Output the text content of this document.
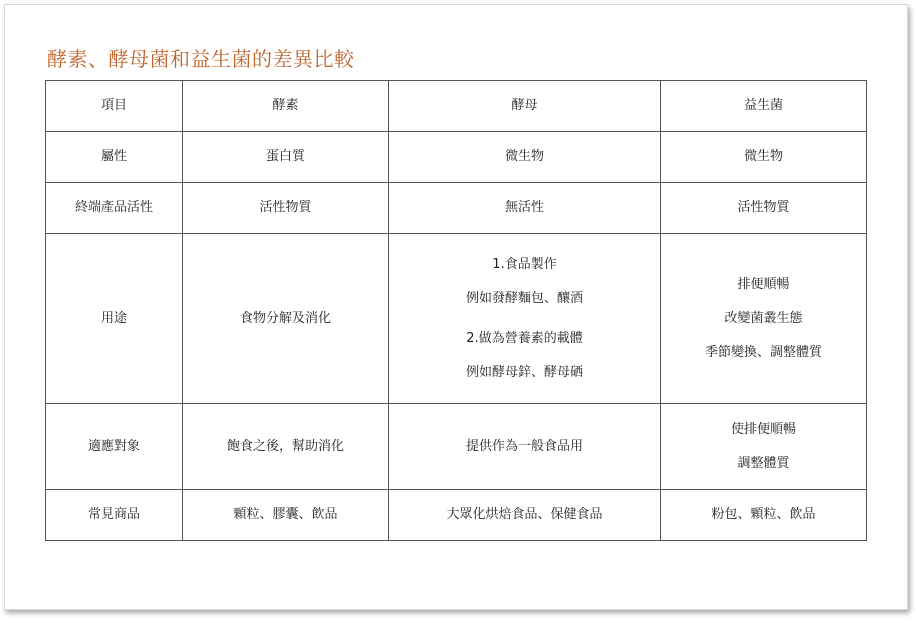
酵素、酵母菌和益生菌的差異比較
項目	酵素	酵母	益生菌
屬性	蛋白質	微生物	微生物
終端產品活性	活性物質	無活性	活性物質
用途	食物分解及消化	1.食品製作
例如發酵麵包、釀酒
2.做為營養素的載體
例如酵母鋅、酵母硒	排便順暢
改變菌叢生態
季節變換、調整體質

適應對象	飽食之後，幫助消化	提供作為一般食品用	使排便順暢
調整體質

常見商品	顆粒、膠囊、飲品	大眾化烘焙食品、保健食品	粉包、顆粒、飲品
